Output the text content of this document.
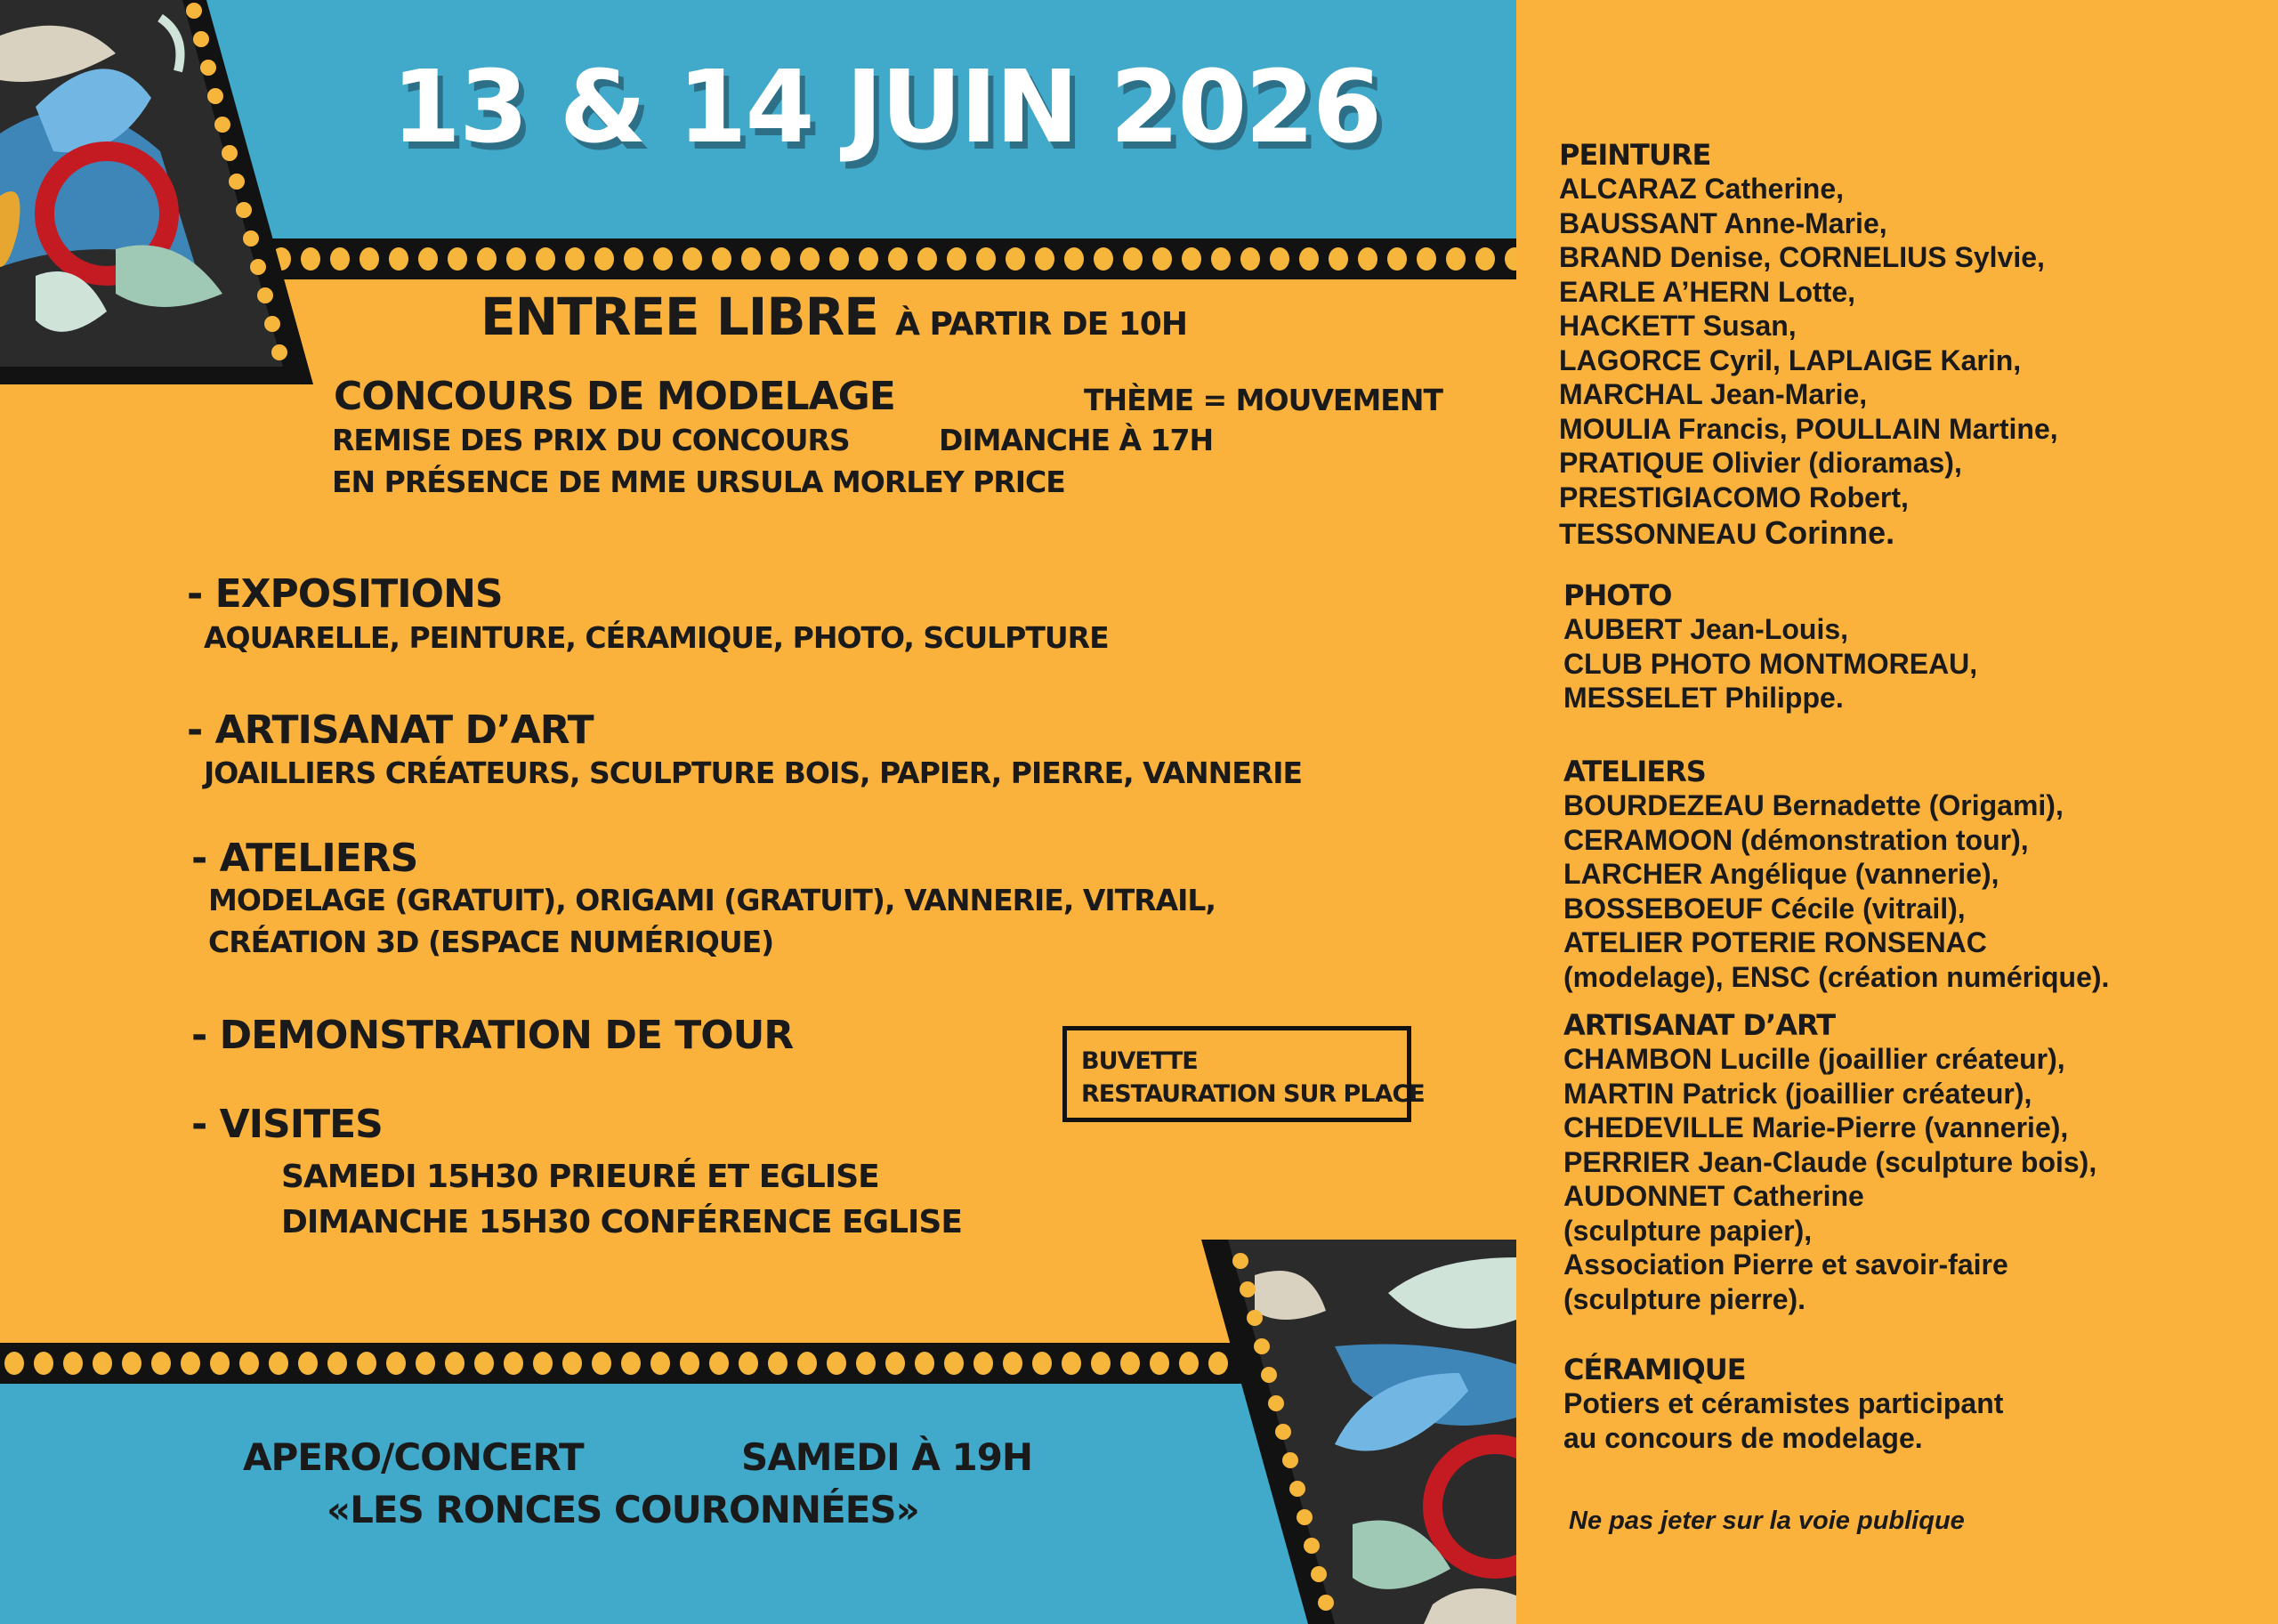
13 & 14 JUIN 2026
ENTREE LIBRE À PARTIR DE 10H
CONCOURS DE MODELAGE	THÈME = MOUVEMENT
REMISE DES PRIX DU CONCOURS	DIMANCHE À 17H
EN PRÉSENCE DE MME URSULA MORLEY PRICE
- EXPOSITIONS
AQUARELLE, PEINTURE, CÉRAMIQUE, PHOTO, SCULPTURE
- ARTISANAT D’ART
JOAILLIERS CRÉATEURS, SCULPTURE BOIS, PAPIER, PIERRE, VANNERIE
- ATELIERS
MODELAGE (GRATUIT), ORIGAMI (GRATUIT), VANNERIE, VITRAIL,
CRÉATION 3D (ESPACE NUMÉRIQUE)
- DEMONSTRATION DE TOUR
- VISITES
SAMEDI 15H30 PRIEURÉ ET EGLISE
DIMANCHE 15H30 CONFÉRENCE EGLISE
BUVETTE
RESTAURATION SUR PLACE
APERO/CONCERT	SAMEDI À 19H
«LES RONCES COURONNÉES»
PEINTURE
ALCARAZ Catherine,
BAUSSANT Anne-Marie,
BRAND Denise, CORNELIUS Sylvie,
EARLE A’HERN Lotte,
HACKETT Susan,
LAGORCE Cyril, LAPLAIGE Karin,
MARCHAL Jean-Marie,
MOULIA Francis, POULLAIN Martine,
PRATIQUE Olivier (dioramas),
PRESTIGIACOMO Robert,
TESSONNEAU Corinne.
PHOTO
AUBERT Jean-Louis,
CLUB PHOTO MONTMOREAU,
MESSELET Philippe.
ATELIERS
BOURDEZEAU Bernadette (Origami),
CERAMOON (démonstration tour),
LARCHER Angélique (vannerie),
BOSSEBOEUF Cécile (vitrail),
ATELIER POTERIE RONSENAC
(modelage), ENSC (création numérique).
ARTISANAT D’ART
CHAMBON Lucille (joaillier créateur),
MARTIN Patrick (joaillier créateur),
CHEDEVILLE Marie-Pierre (vannerie),
PERRIER Jean-Claude (sculpture bois),
AUDONNET Catherine
(sculpture papier),
Association Pierre et savoir-faire
(sculpture pierre).
CÉRAMIQUE
Potiers et céramistes participant
au concours de modelage.
Ne pas jeter sur la voie publique
